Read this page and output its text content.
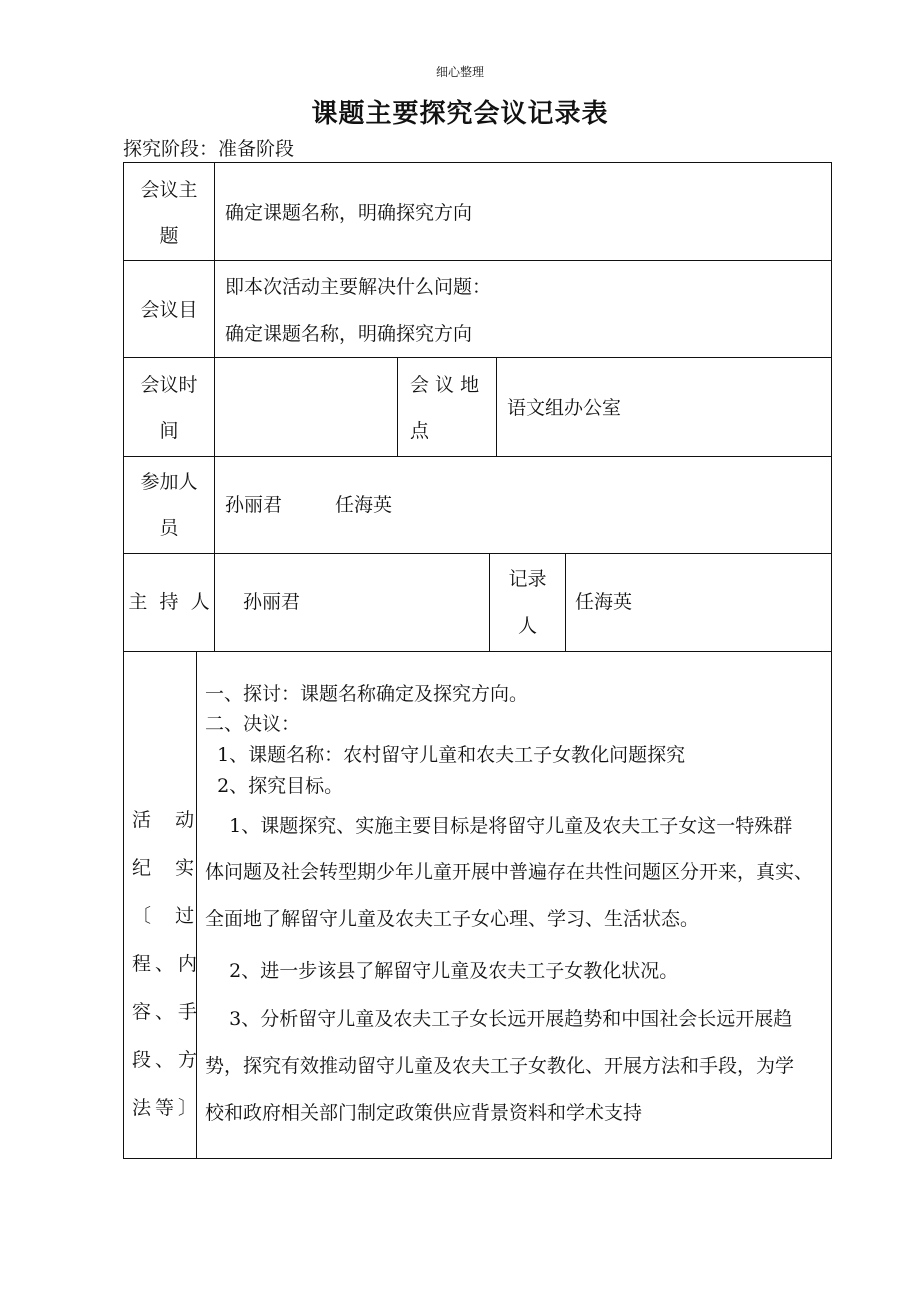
细心整理
课题主要探究会议记录表
探究阶段：准备阶段
会议主
题
确定课题名称，明确探究方向
会议目
即本次活动主要解决什么问题：
确定课题名称，明确探究方向
会议时
间
会 议 地
点
语文组办公室
参加人
员
孙丽君	任海英
主  持  人 孙丽君
记录
人
任海英
活  动
纪  实
〔  过
程、内
容、手
段、方
法等〕
一、探讨：课题名称确定及探究方向。
二、决议：
1、课题名称：农村留守儿童和农夫工子女教化问题探究
2、探究目标。
1、课题探究、实施主要目标是将留守儿童及农夫工子女这一特殊群
体问题及社会转型期少年儿童开展中普遍存在共性问题区分开来，真实、
全面地了解留守儿童及农夫工子女心理、学习、生活状态。
2、进一步该县了解留守儿童及农夫工子女教化状况。
3、分析留守儿童及农夫工子女长远开展趋势和中国社会长远开展趋
势，探究有效推动留守儿童及农夫工子女教化、开展方法和手段，为学
校和政府相关部门制定政策供应背景资料和学术支持
